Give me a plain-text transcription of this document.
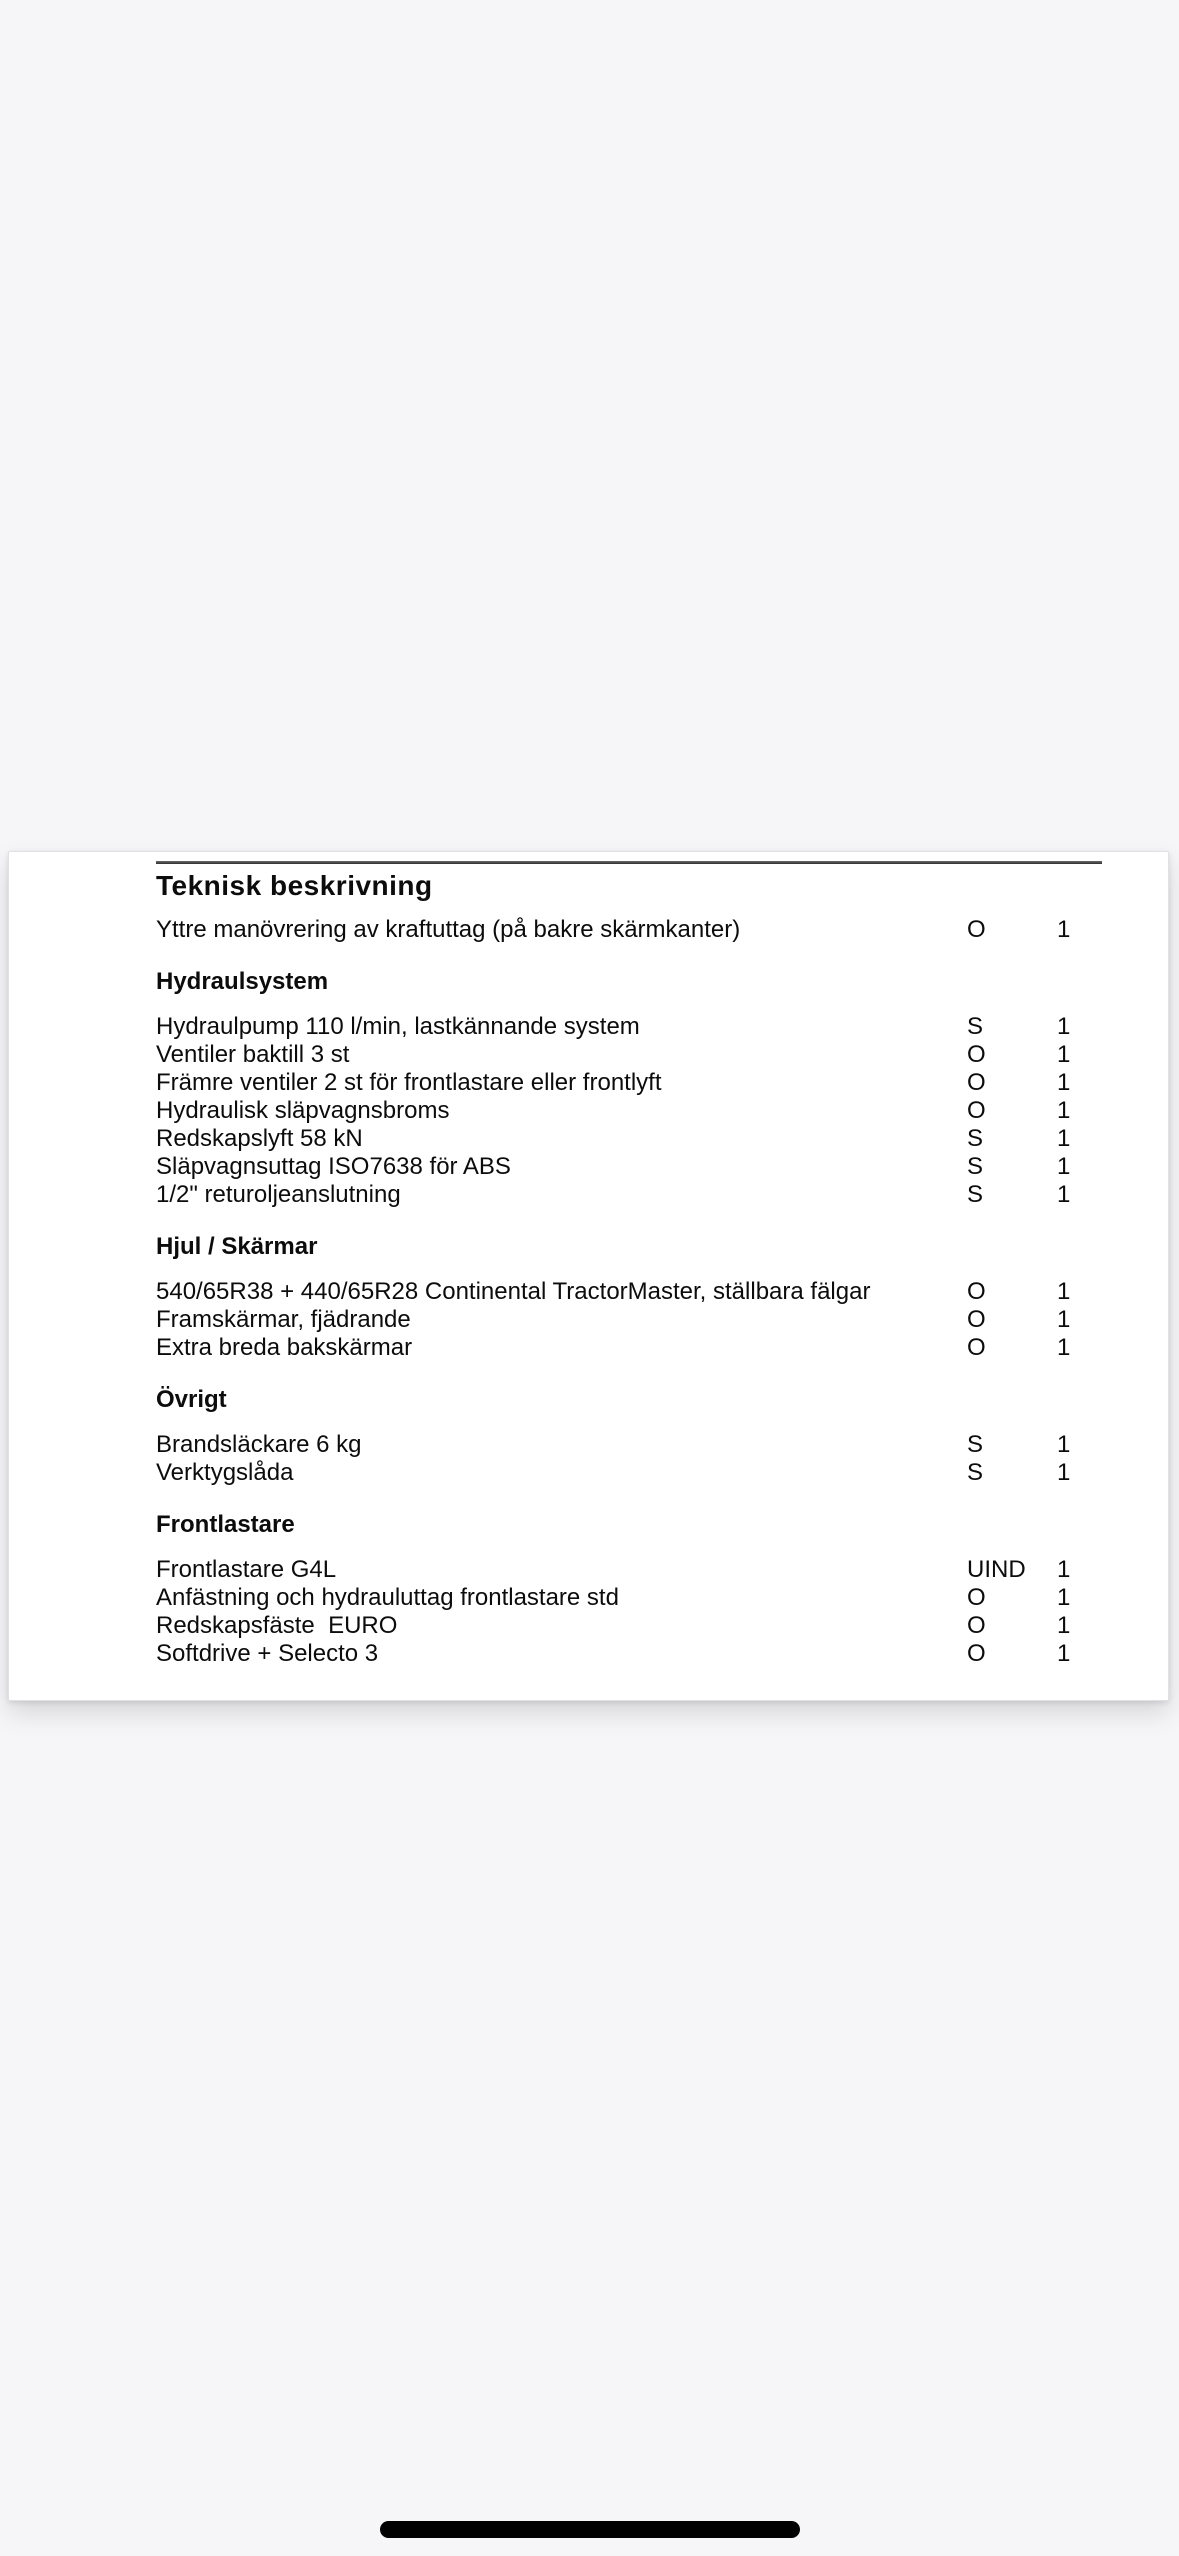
Teknisk beskrivning
Yttre manövrering av kraftuttag (på bakre skärmkanter)	O	1
Hydraulsystem
Hydraulpump 110 l/min, lastkännande system	S	1
Ventiler baktill 3 st	O	1
Främre ventiler 2 st för frontlastare eller frontlyft	O	1
Hydraulisk släpvagnsbroms	O	1
Redskapslyft 58 kN	S	1
Släpvagnsuttag ISO7638 för ABS	S	1
1/2" returoljeanslutning	S	1
Hjul / Skärmar
540/65R38 + 440/65R28 Continental TractorMaster, ställbara fälgar	O	1
Framskärmar, fjädrande	O	1
Extra breda bakskärmar	O	1
Övrigt
Brandsläckare 6 kg	S	1
Verktygslåda	S	1
Frontlastare
Frontlastare G4L	UIND	1
Anfästning och hydrauluttag frontlastare std	O	1
Redskapsfäste  EURO	O	1
Softdrive + Selecto 3	O	1
